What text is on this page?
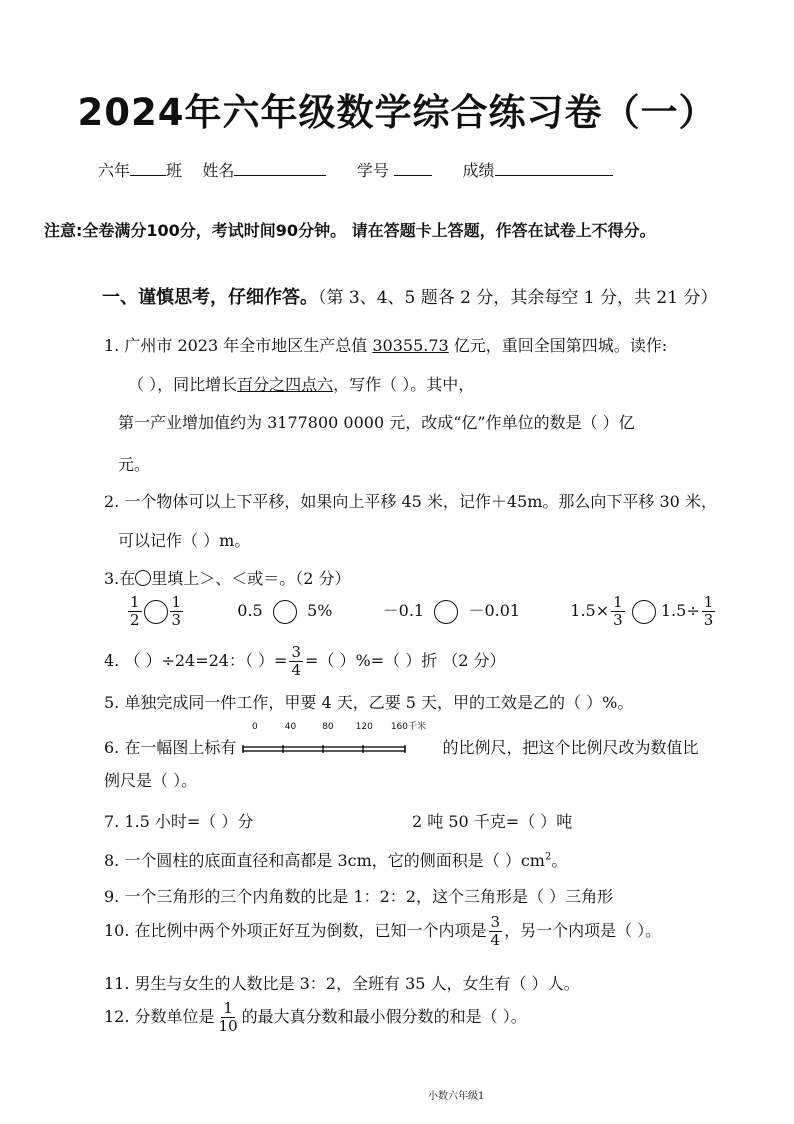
2024年六年级数学综合练习卷（一）
六年 班 姓名	学号	成绩
注意:全卷满分100分，考试时间90分钟。 请在答题卡上答题，作答在试卷上不得分。
一、谨慎思考，仔细作答。（第 3、4、5 题各 2 分，其余每空 1 分，共 21 分）
1. 广州市 2023 年全市地区生产总值 30355.73 亿元，重回全国第四城。读作:
（ ），同比增长百分之四点六，写作（ ）。其中，
第一产业增加值约为 3177800 0000 元，改成“亿”作单位的数是（ ）亿
元。
2. 一个物体可以上下平移，如果向上平移 45 米，记作＋45m。那么向下平移 30 米，
可以记作（ ）m。
3.在 里填上＞、＜或＝。（2 分）
$\frac{1}{2} \frac{1}{3}$	0.5	5%	－0.1	－0.01	$1.5\times \frac{1}{3} 1.5\div \frac{1}{3}$
4. （ ）÷24=24：（ ）= $\frac{3}{4}$ =（ ）%=（ ）折 （2 分）
5. 单独完成同一件工作，甲要 4 天，乙要 5 天，甲的工效是乙的（ ）%。
6. 在一幅图上标有	的比例尺，把这个比例尺改为数值比
0	40	80 120 160千米
例尺是（ ）。
7. 1.5 小时=（ ）分	2 吨 50 千克=（ ）吨
8. 一个圆柱的底面直径和高都是 3cm，它的侧面积是（ ）$cm^2$。
9. 一个三角形的三个内角数的比是 1：2：2，这个三角形是（ ）三角形
10. 在比例中两个外项正好互为倒数，已知一个内项是 $\frac{3}{4}$ ，另一个内项是（ ）。
11. 男生与女生的人数比是 3：2，全班有 35 人，女生有（ ）人。
12. 分数单位是 $\frac{1}{10}$ 的最大真分数和最小假分数的和是（ ）。
小数六年级1
